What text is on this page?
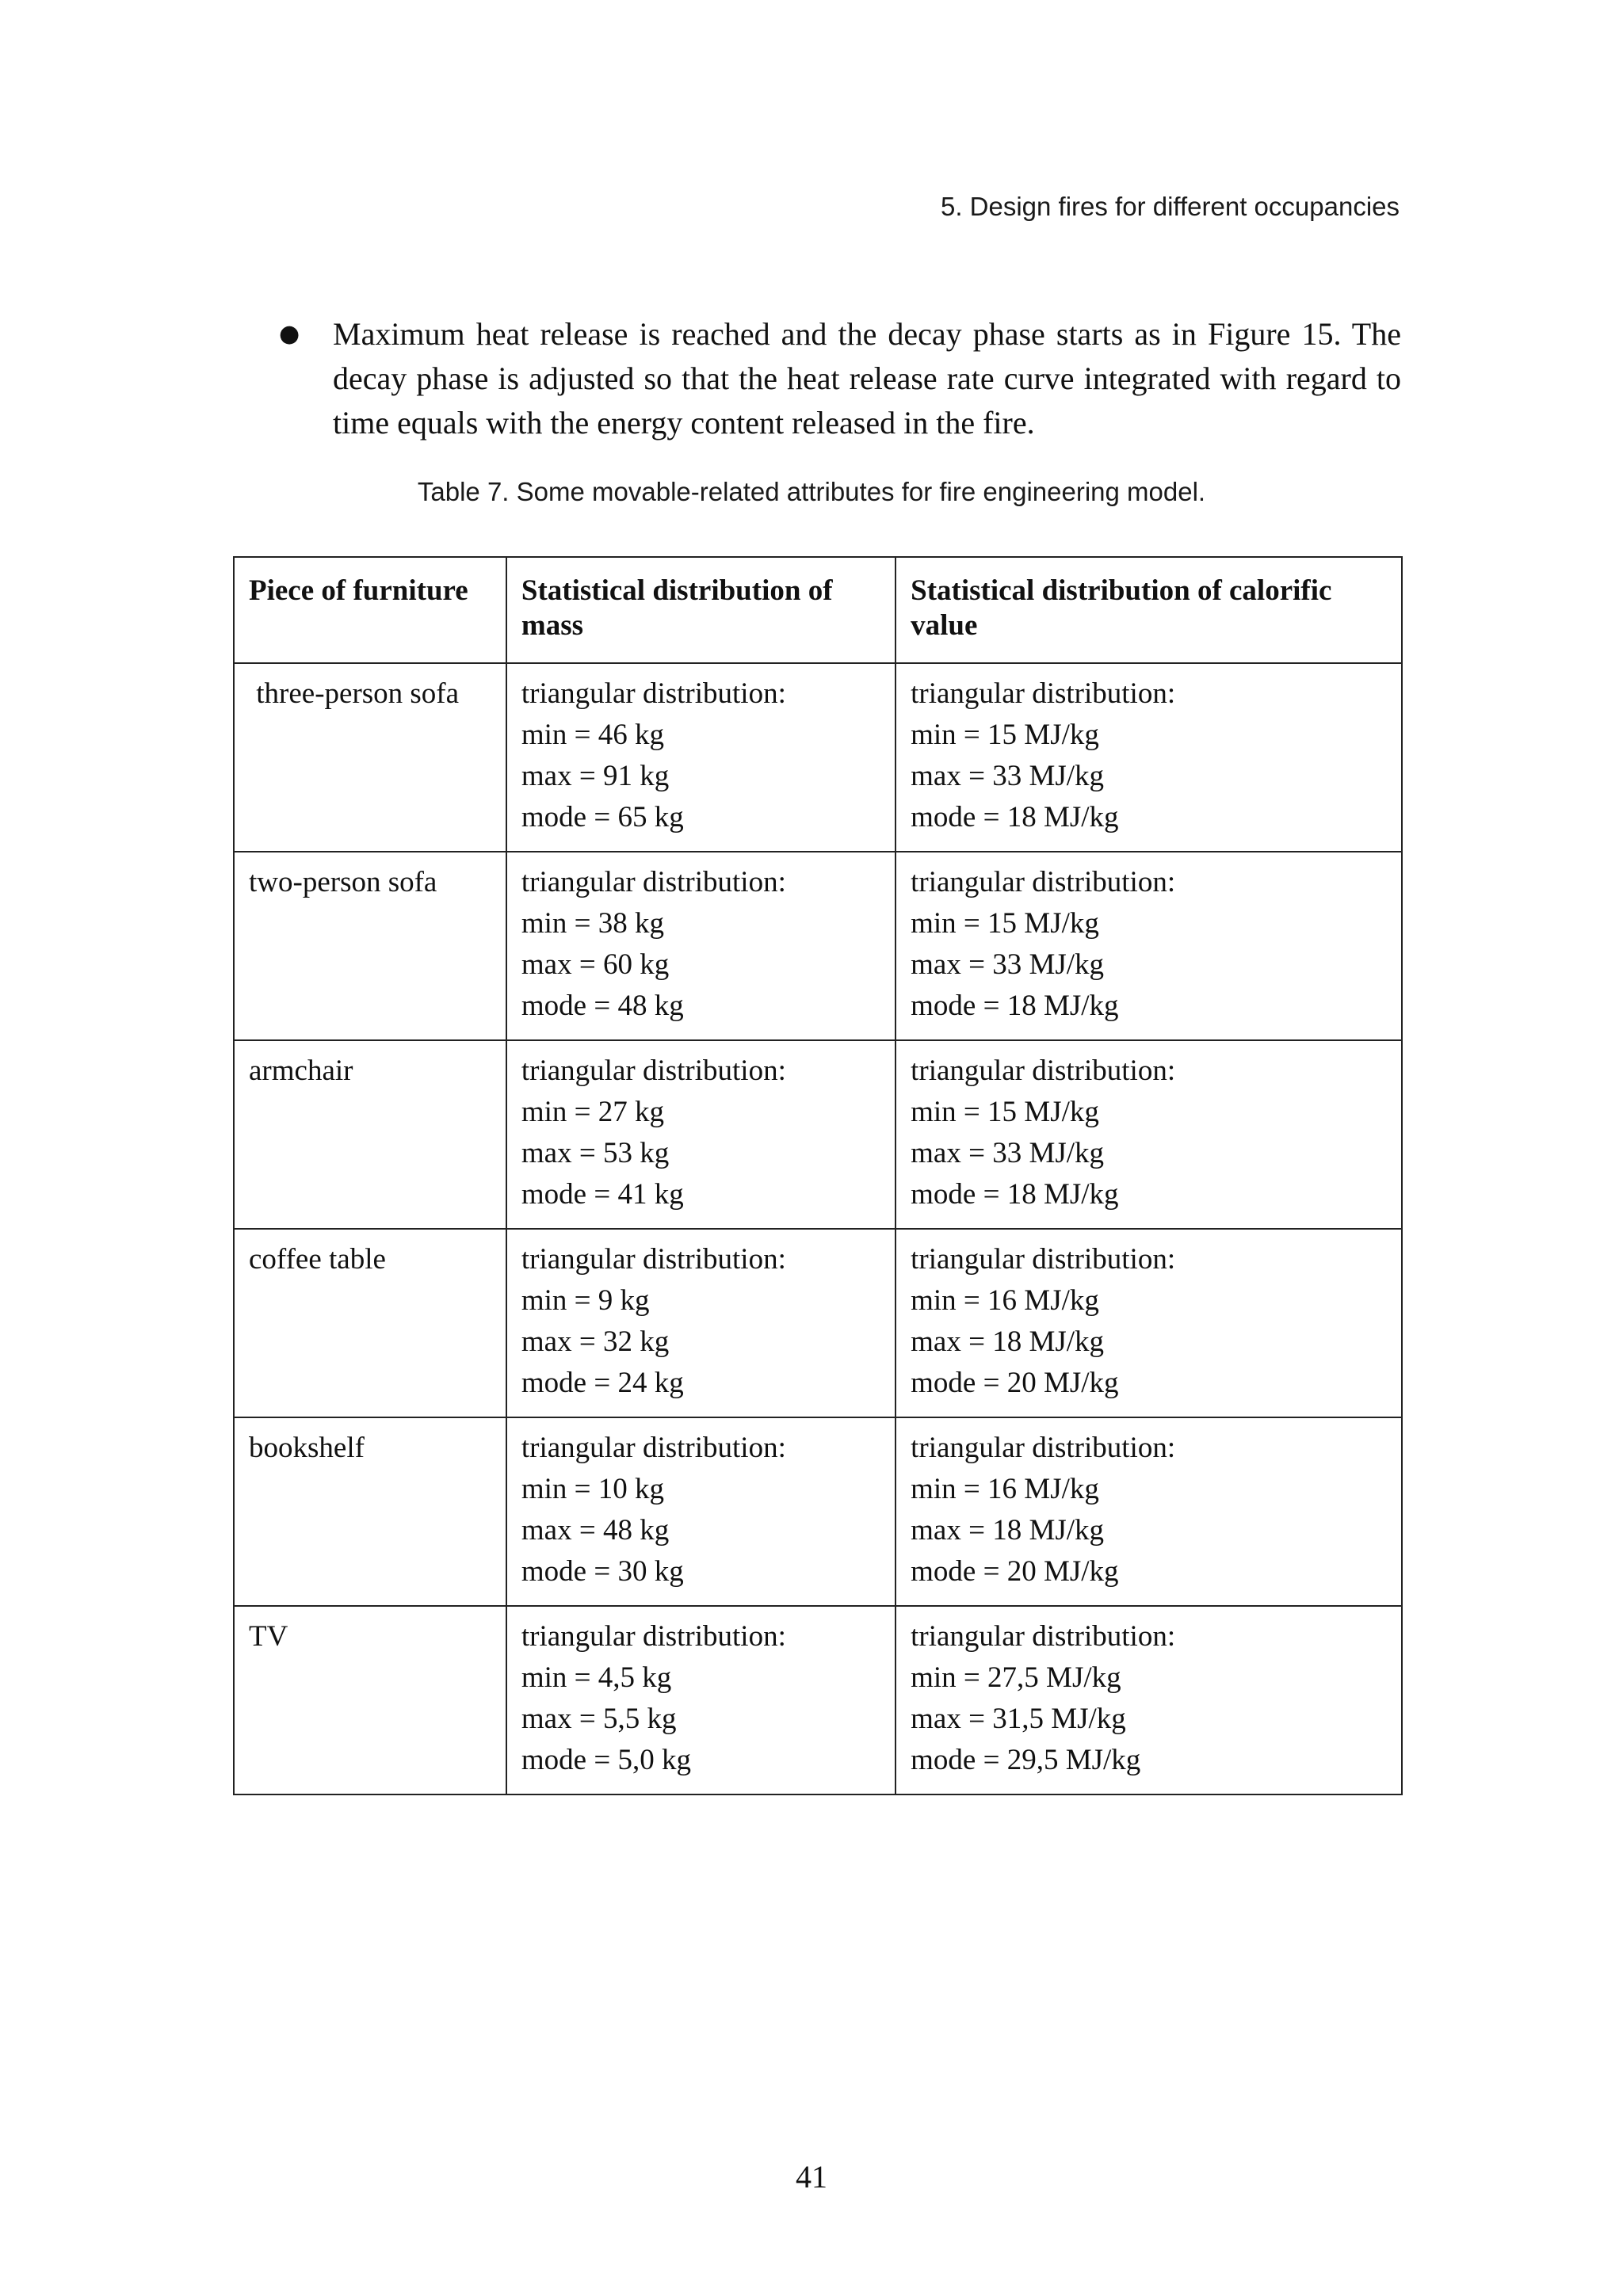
5. Design fires for different occupancies
●	Maximum heat release is reached and the decay phase starts as in Figure 15. The decay phase is adjusted so that the heat release rate curve integrated with regard to time equals with the energy content released in the fire.
Table 7. Some movable-related attributes for fire engineering model.
Piece of furniture	Statistical distribution of mass	Statistical distribution of calorific value
three-person sofa	triangular distribution:
min = 46 kg
max = 91 kg
mode = 65 kg	triangular distribution:
min = 15 MJ/kg
max = 33 MJ/kg
mode = 18 MJ/kg

two-person sofa	triangular distribution:
min = 38 kg
max = 60 kg
mode = 48 kg	triangular distribution:
min = 15 MJ/kg
max = 33 MJ/kg
mode = 18 MJ/kg

armchair	triangular distribution:
min = 27 kg
max = 53 kg
mode = 41 kg	triangular distribution:
min = 15 MJ/kg
max = 33 MJ/kg
mode = 18 MJ/kg

coffee table	triangular distribution:
min = 9 kg
max = 32 kg
mode = 24 kg	triangular distribution:
min = 16 MJ/kg
max = 18 MJ/kg
mode = 20 MJ/kg

bookshelf	triangular distribution:
min = 10 kg
max = 48 kg
mode = 30 kg	triangular distribution:
min = 16 MJ/kg
max = 18 MJ/kg
mode = 20 MJ/kg

TV	triangular distribution:
min = 4,5 kg
max = 5,5 kg
mode = 5,0 kg	triangular distribution:
min = 27,5 MJ/kg
max = 31,5 MJ/kg
mode = 29,5 MJ/kg
41
